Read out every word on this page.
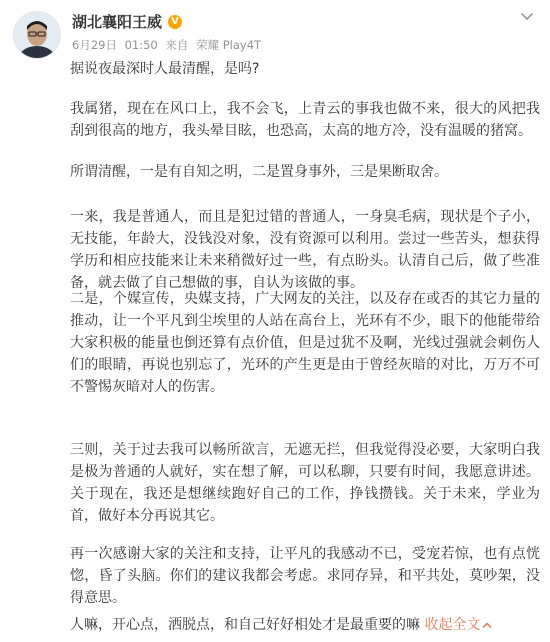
湖北襄阳王威 V
6月29日 01:50 来自 荣耀 Play4T

据说夜最深时人最清醒，是吗?

我属猪，现在在风口上，我不会飞，上青云的事我也做不来，很大的风把我刮到很高的地方，我头晕目眩，也恐高，太高的地方冷，没有温暖的猪窝。

所谓清醒，一是有自知之明，二是置身事外，三是果断取舍。

一来，我是普通人，而且是犯过错的普通人，一身臭毛病，现状是个子小，无技能，年龄大，没钱没对象，没有资源可以利用。尝过一些苦头，想获得学历和相应技能来让未来稍微好过一些，有点盼头。认清自己后，做了些准备，就去做了自己想做的事，自认为该做的事。

二是，个媒宣传，央媒支持，广大网友的关注，以及存在或否的其它力量的推动，让一个平凡到尘埃里的人站在高台上，光环有不少，眼下的他能带给大家积极的能量也倒还算有点价值，但是过犹不及啊，光线过强就会刺伤人们的眼睛，再说也别忘了，光环的产生更是由于曾经灰暗的对比，万万不可不警惕灰暗对人的伤害。

三则，关于过去我可以畅所欲言，无遮无拦，但我觉得没必要，大家明白我是极为普通的人就好，实在想了解，可以私聊，只要有时间，我愿意讲述。关于现在，我还是想继续跑好自己的工作，挣钱攒钱。关于未来，学业为首，做好本分再说其它。

再一次感谢大家的关注和支持，让平凡的我感动不已，受宠若惊，也有点恍惚，昏了头脑。你们的建议我都会考虑。求同存异，和平共处，莫吵架，没得意思。

人嘛，开心点，洒脱点，和自己好好相处才是最重要的嘛 收起全文
